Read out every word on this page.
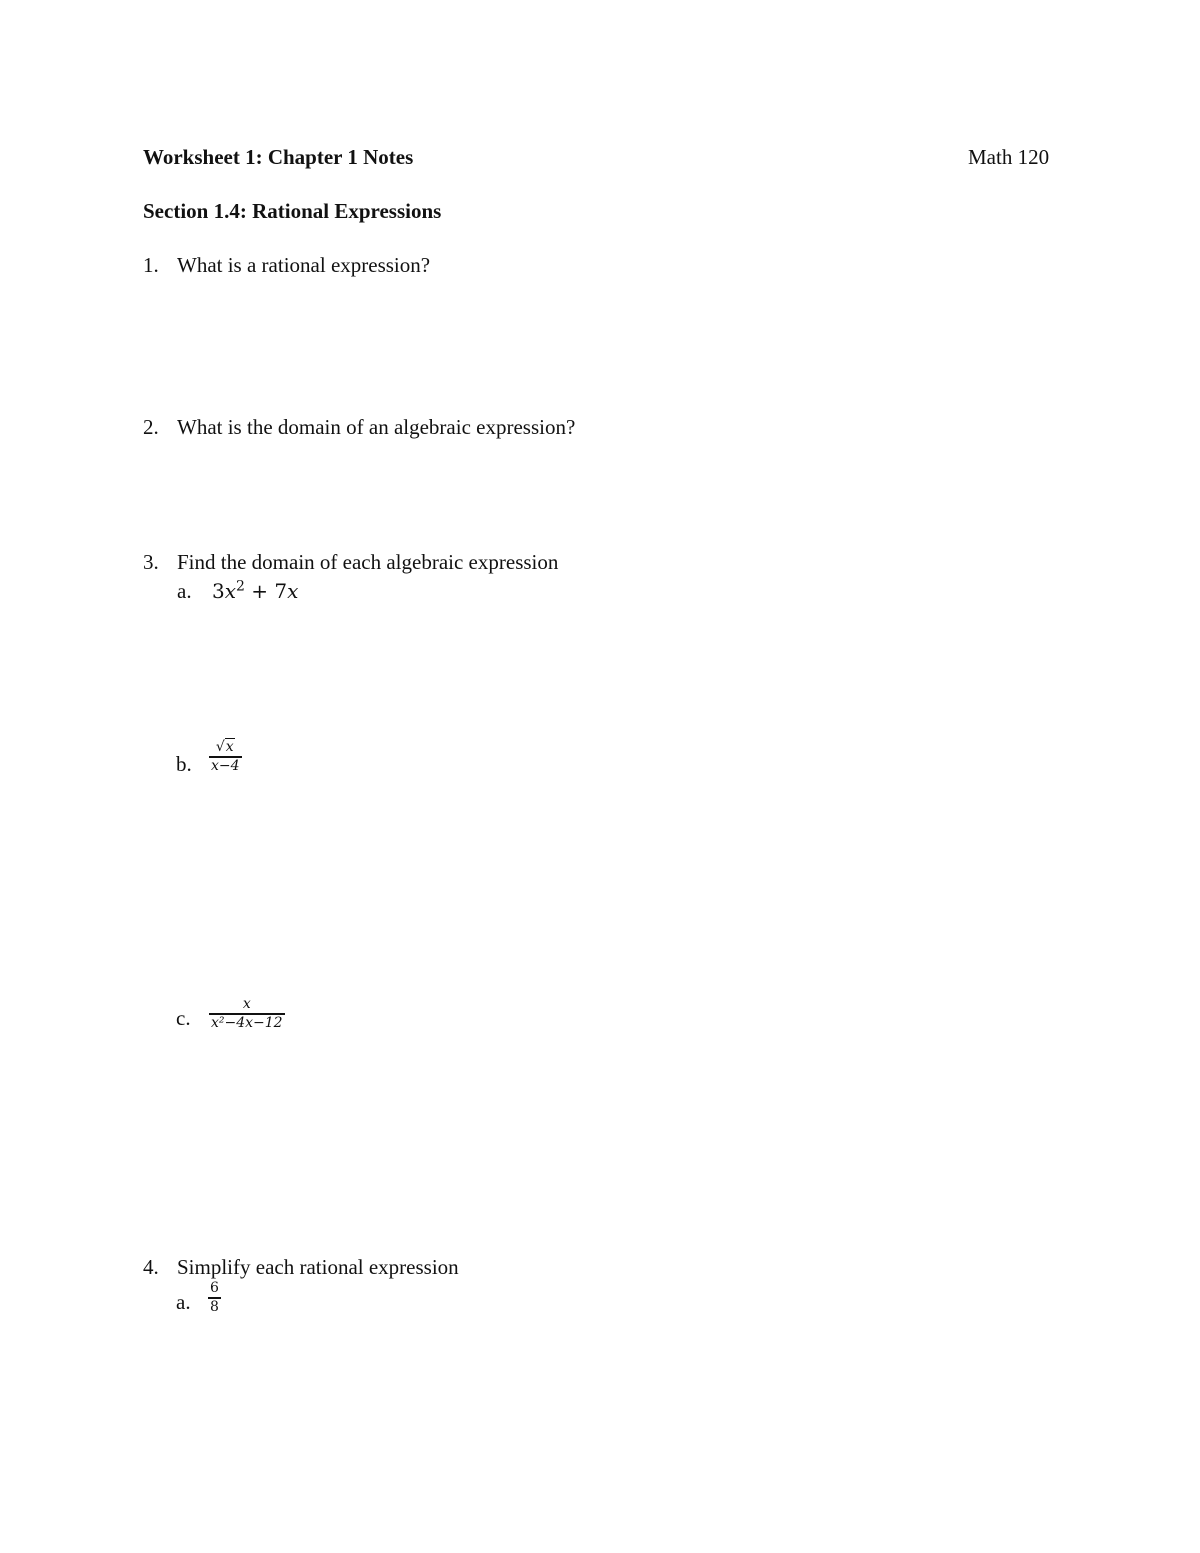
Worksheet 1: Chapter 1 Notes	Math 120
Section 1.4: Rational Expressions
1. What is a rational expression?
2. What is the domain of an algebraic expression?
3. Find the domain of each algebraic expression
a. $3x^2 + 7x$
b.
√x
x−4
c.
x
x²−4x−12
4. Simplify each rational expression
a.
6
8
